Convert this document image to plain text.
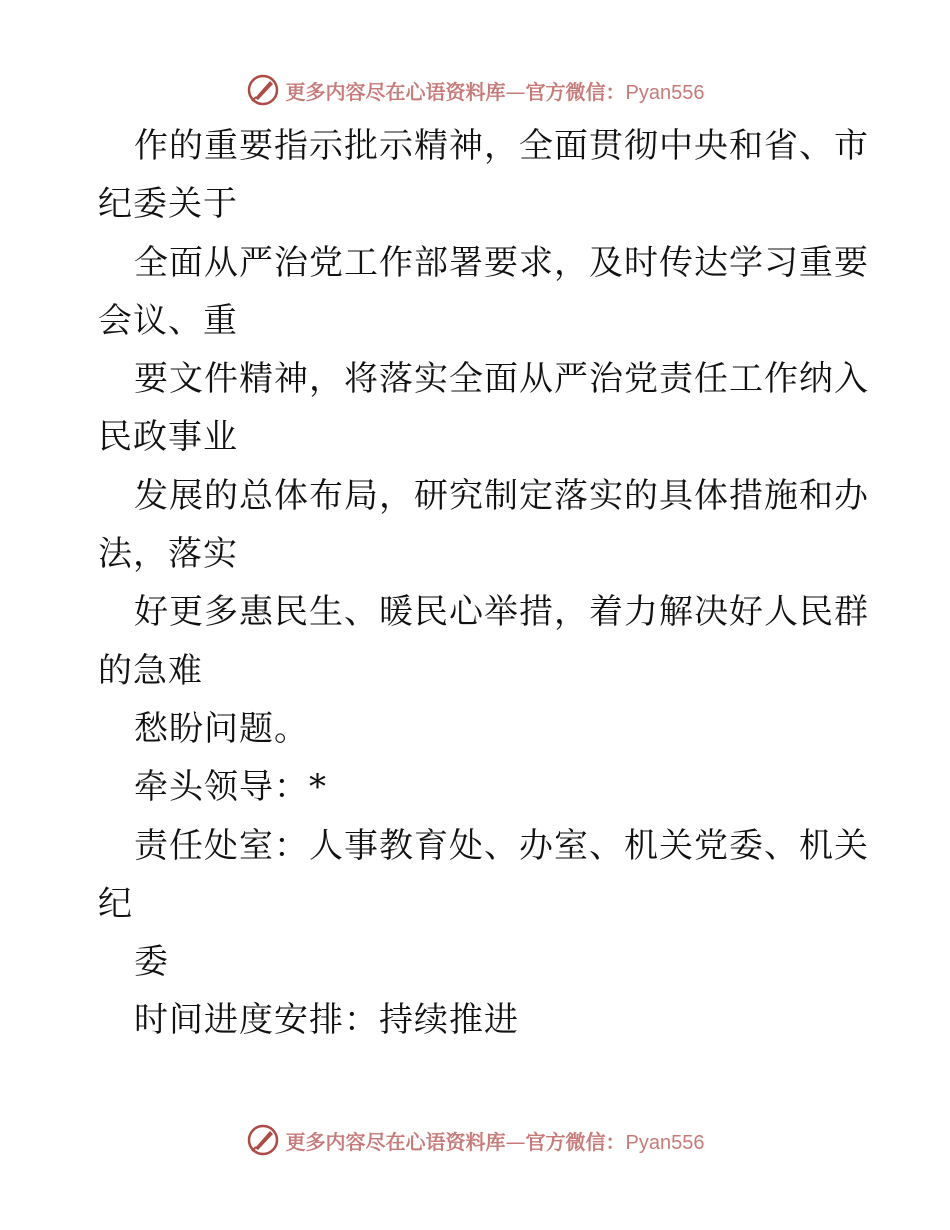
更多内容尽在心语资料库 — 官方微信： Pyan556
作的重要指示批示精神，全面贯彻中央和省、市
纪委关于
全面从严治党工作部署要求，及时传达学习重要
会议、重
要文件精神，将落实全面从严治党责任工作纳入
民政事业
发展的总体布局，研究制定落实的具体措施和办
法，落实
好更多惠民生、暖民心举措，着力解决好人民群
的急难
愁盼问题。
牵头领导：*
责任处室：人事教育处、办室、机关党委、机关
纪
委
时间进度安排：持续推进
更多内容尽在心语资料库 — 官方微信： Pyan556
